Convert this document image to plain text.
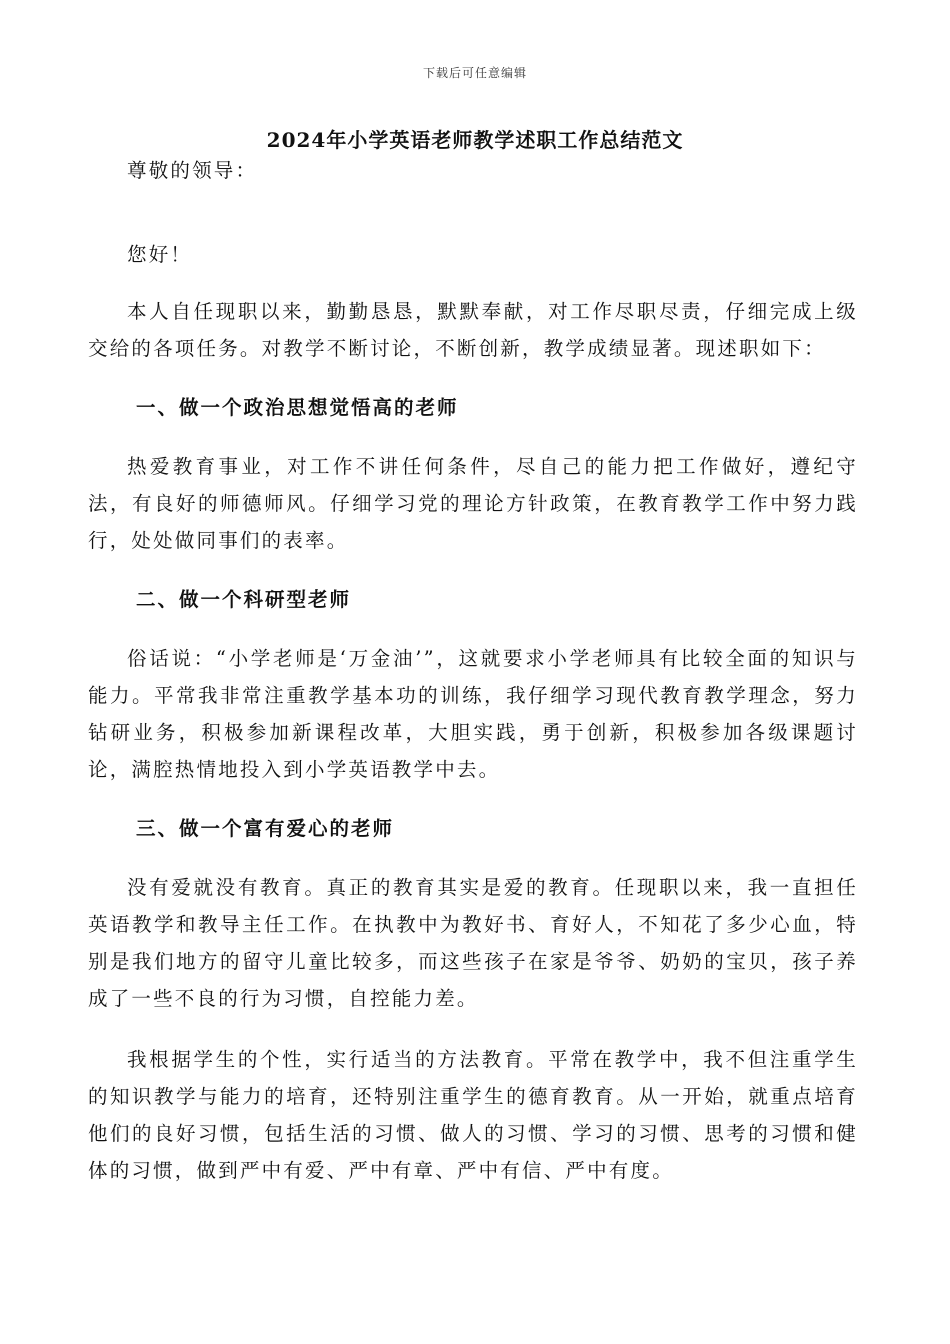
下载后可任意编辑
2024年小学英语老师教学述职工作总结范文

尊敬的领导：

您好！

本人自任现职以来，勤勤恳恳，默默奉献，对工作尽职尽责，仔细完成上级交给的各项任务。对教学不断讨论，不断创新，教学成绩显著。现述职如下：

一、做一个政治思想觉悟高的老师

热爱教育事业，对工作不讲任何条件，尽自己的能力把工作做好，遵纪守法，有良好的师德师风。仔细学习党的理论方针政策，在教育教学工作中努力践行，处处做同事们的表率。

二、做一个科研型老师

俗话说：“小学老师是‘万金油’”，这就要求小学老师具有比较全面的知识与能力。平常我非常注重教学基本功的训练，我仔细学习现代教育教学理念，努力钻研业务，积极参加新课程改革，大胆实践，勇于创新，积极参加各级课题讨论，满腔热情地投入到小学英语教学中去。

三、做一个富有爱心的老师

没有爱就没有教育。真正的教育其实是爱的教育。任现职以来，我一直担任英语教学和教导主任工作。在执教中为教好书、育好人，不知花了多少心血，特别是我们地方的留守儿童比较多，而这些孩子在家是爷爷、奶奶的宝贝，孩子养成了一些不良的行为习惯，自控能力差。

我根据学生的个性，实行适当的方法教育。平常在教学中，我不但注重学生的知识教学与能力的培育，还特别注重学生的德育教育。从一开始，就重点培育他们的良好习惯，包括生活的习惯、做人的习惯、学习的习惯、思考的习惯和健体的习惯，做到严中有爱、严中有章、严中有信、严中有度。
